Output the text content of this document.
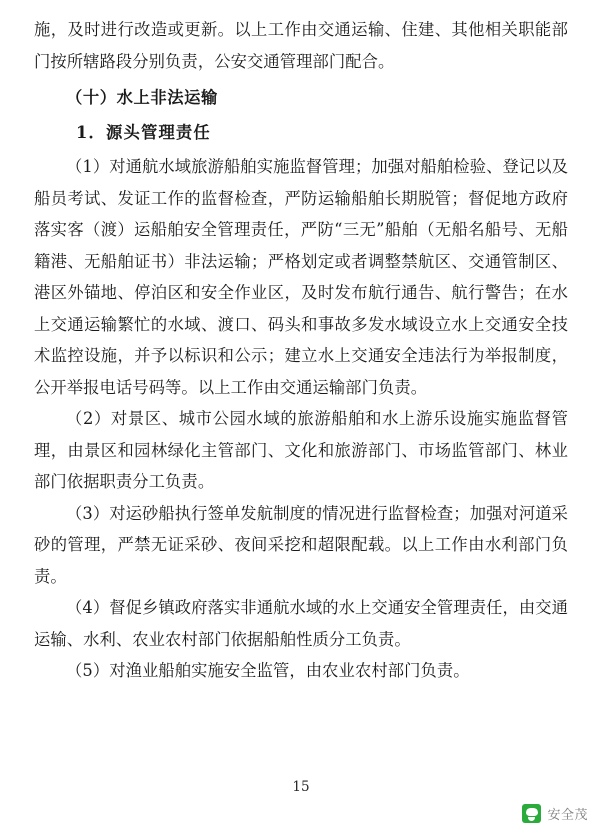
施，及时进行改造或更新。以上工作由交通运输、住建、其他相关职能部门按所辖路段分别负责，公安交通管理部门配合。

（十）水上非法运输

1．源头管理责任

（1）对通航水域旅游船舶实施监督管理；加强对船舶检验、登记以及船员考试、发证工作的监督检查，严防运输船舶长期脱管；督促地方政府落实客（渡）运船舶安全管理责任，严防“三无”船舶（无船名船号、无船籍港、无船舶证书）非法运输；严格划定或者调整禁航区、交通管制区、港区外锚地、停泊区和安全作业区，及时发布航行通告、航行警告；在水上交通运输繁忙的水域、渡口、码头和事故多发水域设立水上交通安全技术监控设施，并予以标识和公示；建立水上交通安全违法行为举报制度，公开举报电话号码等。以上工作由交通运输部门负责。

（2）对景区、城市公园水域的旅游船舶和水上游乐设施实施监督管理，由景区和园林绿化主管部门、文化和旅游部门、市场监管部门、林业部门依据职责分工负责。

（3）对运砂船执行签单发航制度的情况进行监督检查；加强对河道采砂的管理，严禁无证采砂、夜间采挖和超限配载。以上工作由水利部门负责。

（4）督促乡镇政府落实非通航水域的水上交通安全管理责任，由交通运输、水利、农业农村部门依据船舶性质分工负责。

（5）对渔业船舶实施安全监管，由农业农村部门负责。

15
安全茂
